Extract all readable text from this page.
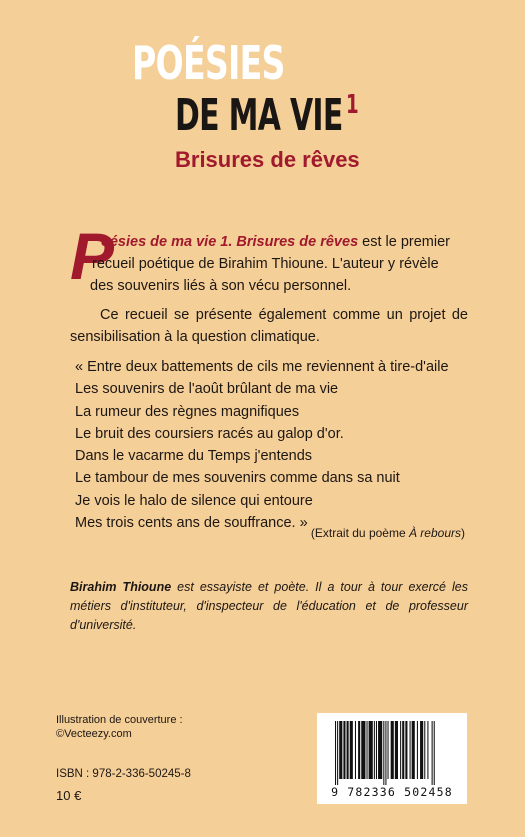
POÉSIES
DE MA VIE 1
Brisures de rêves
P
oésies de ma vie 1. Brisures de rêves est le premier
recueil poétique de Birahim Thioune. L'auteur y révèle
des souvenirs liés à son vécu personnel.
Ce recueil se présente également comme un projet de sensibilisation à la question climatique.
« Entre deux battements de cils me reviennent à tire-d'aile
Les souvenirs de l'août brûlant de ma vie
La rumeur des règnes magnifiques
Le bruit des coursiers racés au galop d'or.
Dans le vacarme du Temps j'entends
Le tambour de mes souvenirs comme dans sa nuit
Je vois le halo de silence qui entoure
Mes trois cents ans de souffrance. »
(Extrait du poème À rebours)
Birahim Thioune est essayiste et poète. Il a tour à tour exercé les métiers d'instituteur, d'inspecteur de l'éducation et de professeur d'université.
Illustration de couverture :
©Vecteezy.com
ISBN : 978-2-336-50245-8
10 €	9 782336 502458
